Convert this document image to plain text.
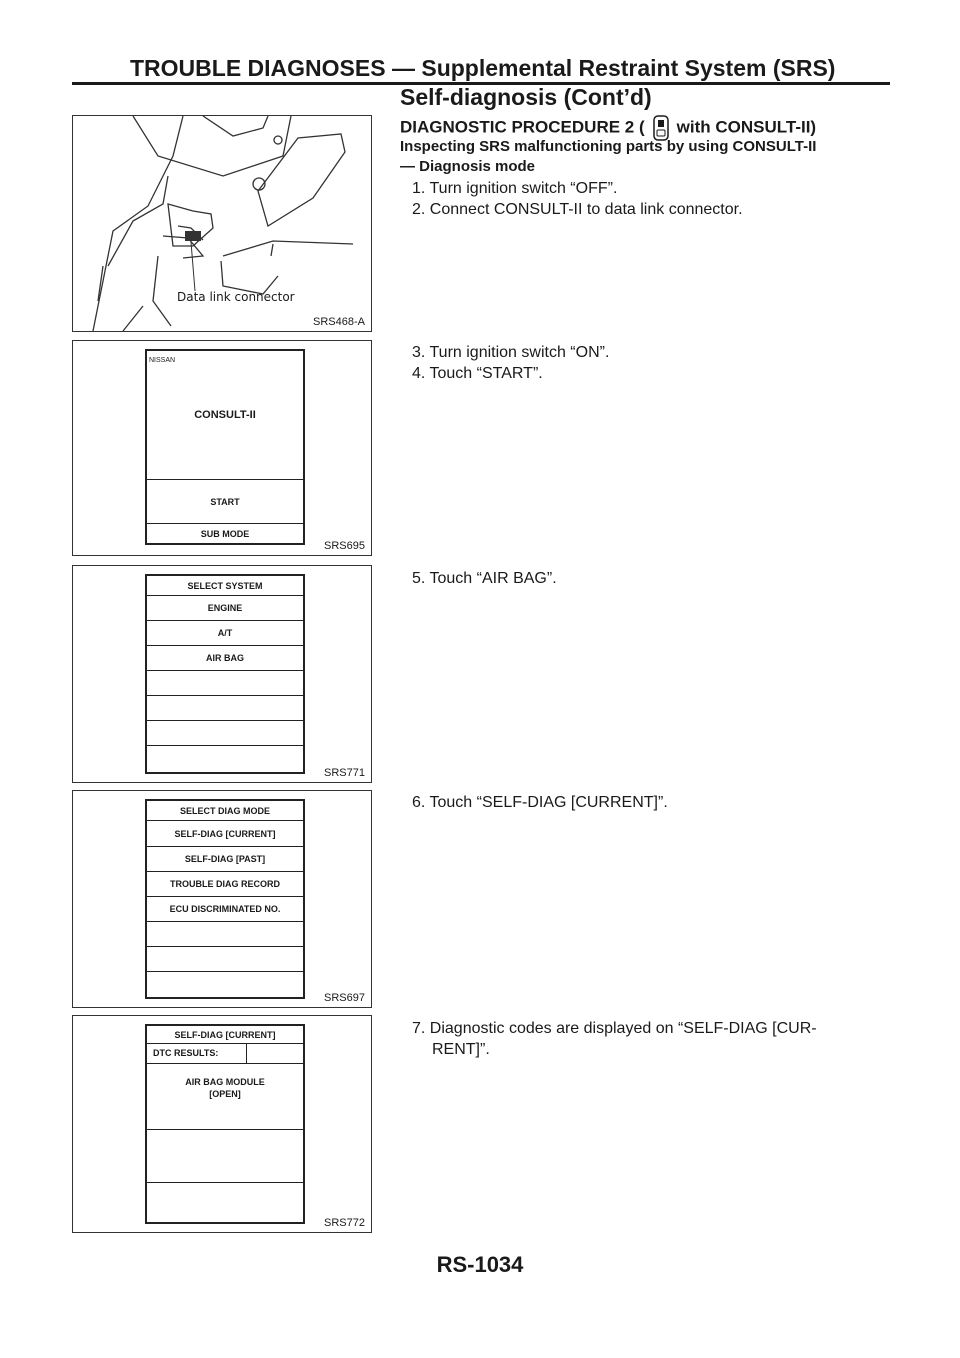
TROUBLE DIAGNOSES — Supplemental Restraint System (SRS)
Self-diagnosis (Cont’d)
DIAGNOSTIC PROCEDURE 2 ( with CONSULT-II)
Inspecting SRS malfunctioning parts by using CONSULT-II
— Diagnosis mode

1. Turn ignition switch “OFF”.

2. Connect CONSULT-II to data link connector.

3. Turn ignition switch “ON”.

4. Touch “START”.

5. Touch “AIR BAG”.

6. Touch “SELF-DIAG [CURRENT]”.

7. Diagnostic codes are displayed on “SELF-DIAG [CUR-

RENT]”.

Data link connector
SRS468-A
NISSAN
CONSULT-II
START
SUB MODE
SRS695
SELECT SYSTEM
ENGINE
A/T
AIR BAG
SRS771
SELECT DIAG MODE
SELF-DIAG [CURRENT]
SELF-DIAG [PAST]
TROUBLE DIAG RECORD
ECU DISCRIMINATED NO.
SRS697
SELF-DIAG [CURRENT]
DTC RESULTS:
AIR BAG MODULE
[OPEN]
SRS772
RS-1034
